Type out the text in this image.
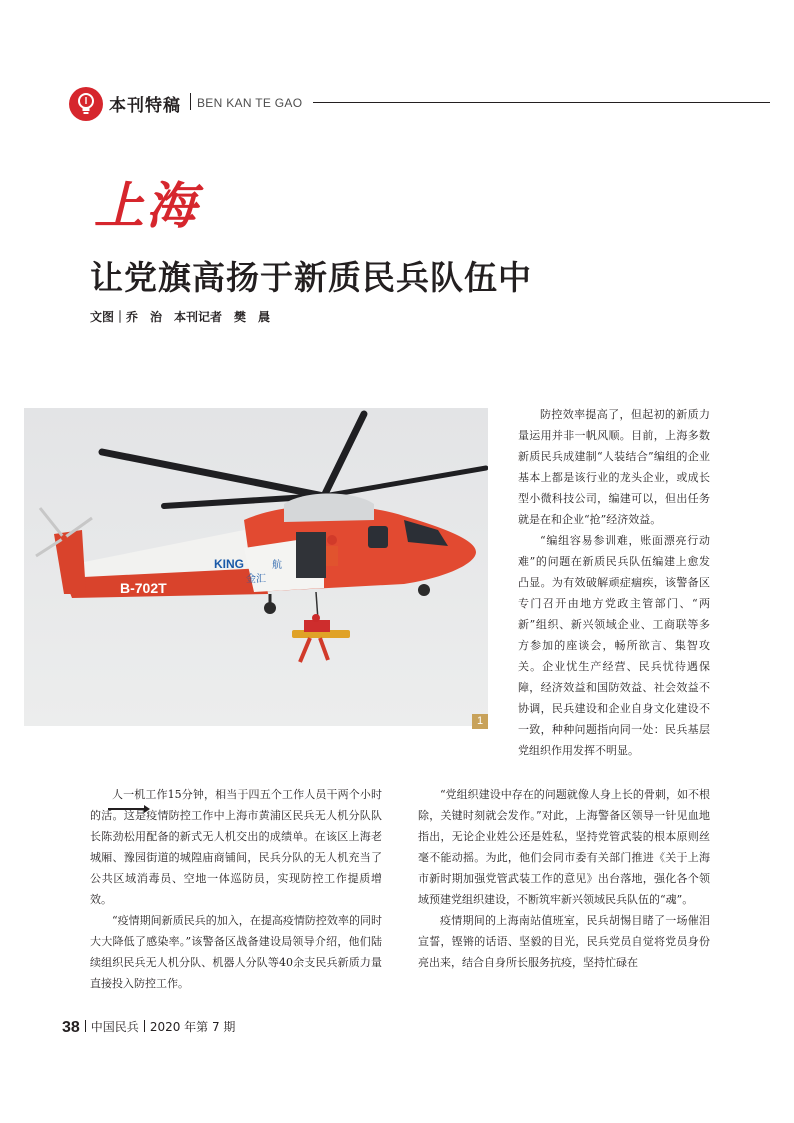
本刊特稿 BEN KAN TE GAO
上海
让党旗高扬于新质民兵队伍中
文图｜乔　治　本刊记者　樊　晨
B-702T
KING
金汇
航
1

防控效率提高了，但起初的新质力量运用并非一帆风顺。目前，上海多数新质民兵成建制“人装结合”编组的企业基本上都是该行业的龙头企业，或成长型小微科技公司，编建可以，但出任务就是在和企业“抢”经济效益。

“编组容易参训难，账面漂亮行动难”的问题在新质民兵队伍编建上愈发凸显。为有效破解顽症痼疾，该警备区专门召开由地方党政主管部门、“两新”组织、新兴领域企业、工商联等多方参加的座谈会，畅所欲言、集智攻关。企业忧生产经营、民兵忧待遇保障，经济效益和国防效益、社会效益不协调，民兵建设和企业自身文化建设不一致，种种问题指向同一处：民兵基层党组织作用发挥不明显。

“党组织建设中存在的问题就像人身上长的骨刺，如不根除，关键时刻就会发作。”对此，上海警备区领导一针见血地指出，无论企业姓公还是姓私，坚持党管武装的根本原则丝毫不能动摇。为此，他们会同市委有关部门推进《关于上海市新时期加强党管武装工作的意见》出台落地，强化各个领域预建党组织建设，不断筑牢新兴领域民兵队伍的“魂”。

疫情期间的上海南站值班室，民兵胡惕目睹了一场催泪宣誓，铿锵的话语、坚毅的目光，民兵党员自觉将党员身份亮出来，结合自身所长服务抗疫，坚持忙碌在

人一机工作15分钟，相当于四五个工作人员干两个小时的活。这是疫情防控工作中上海市黄浦区民兵无人机分队队长陈劲松用配备的新式无人机交出的成绩单。在该区上海老城厢、豫园街道的城隍庙商铺间，民兵分队的无人机充当了公共区域消毒员、空地一体巡防员，实现防控工作提质增效。

“疫情期间新质民兵的加入，在提高疫情防控效率的同时大大降低了感染率。”该警备区战备建设局领导介绍，他们陆续组织民兵无人机分队、机器人分队等40余支民兵新质力量直接投入防控工作。

38 中国民兵 2020 年第 7 期
